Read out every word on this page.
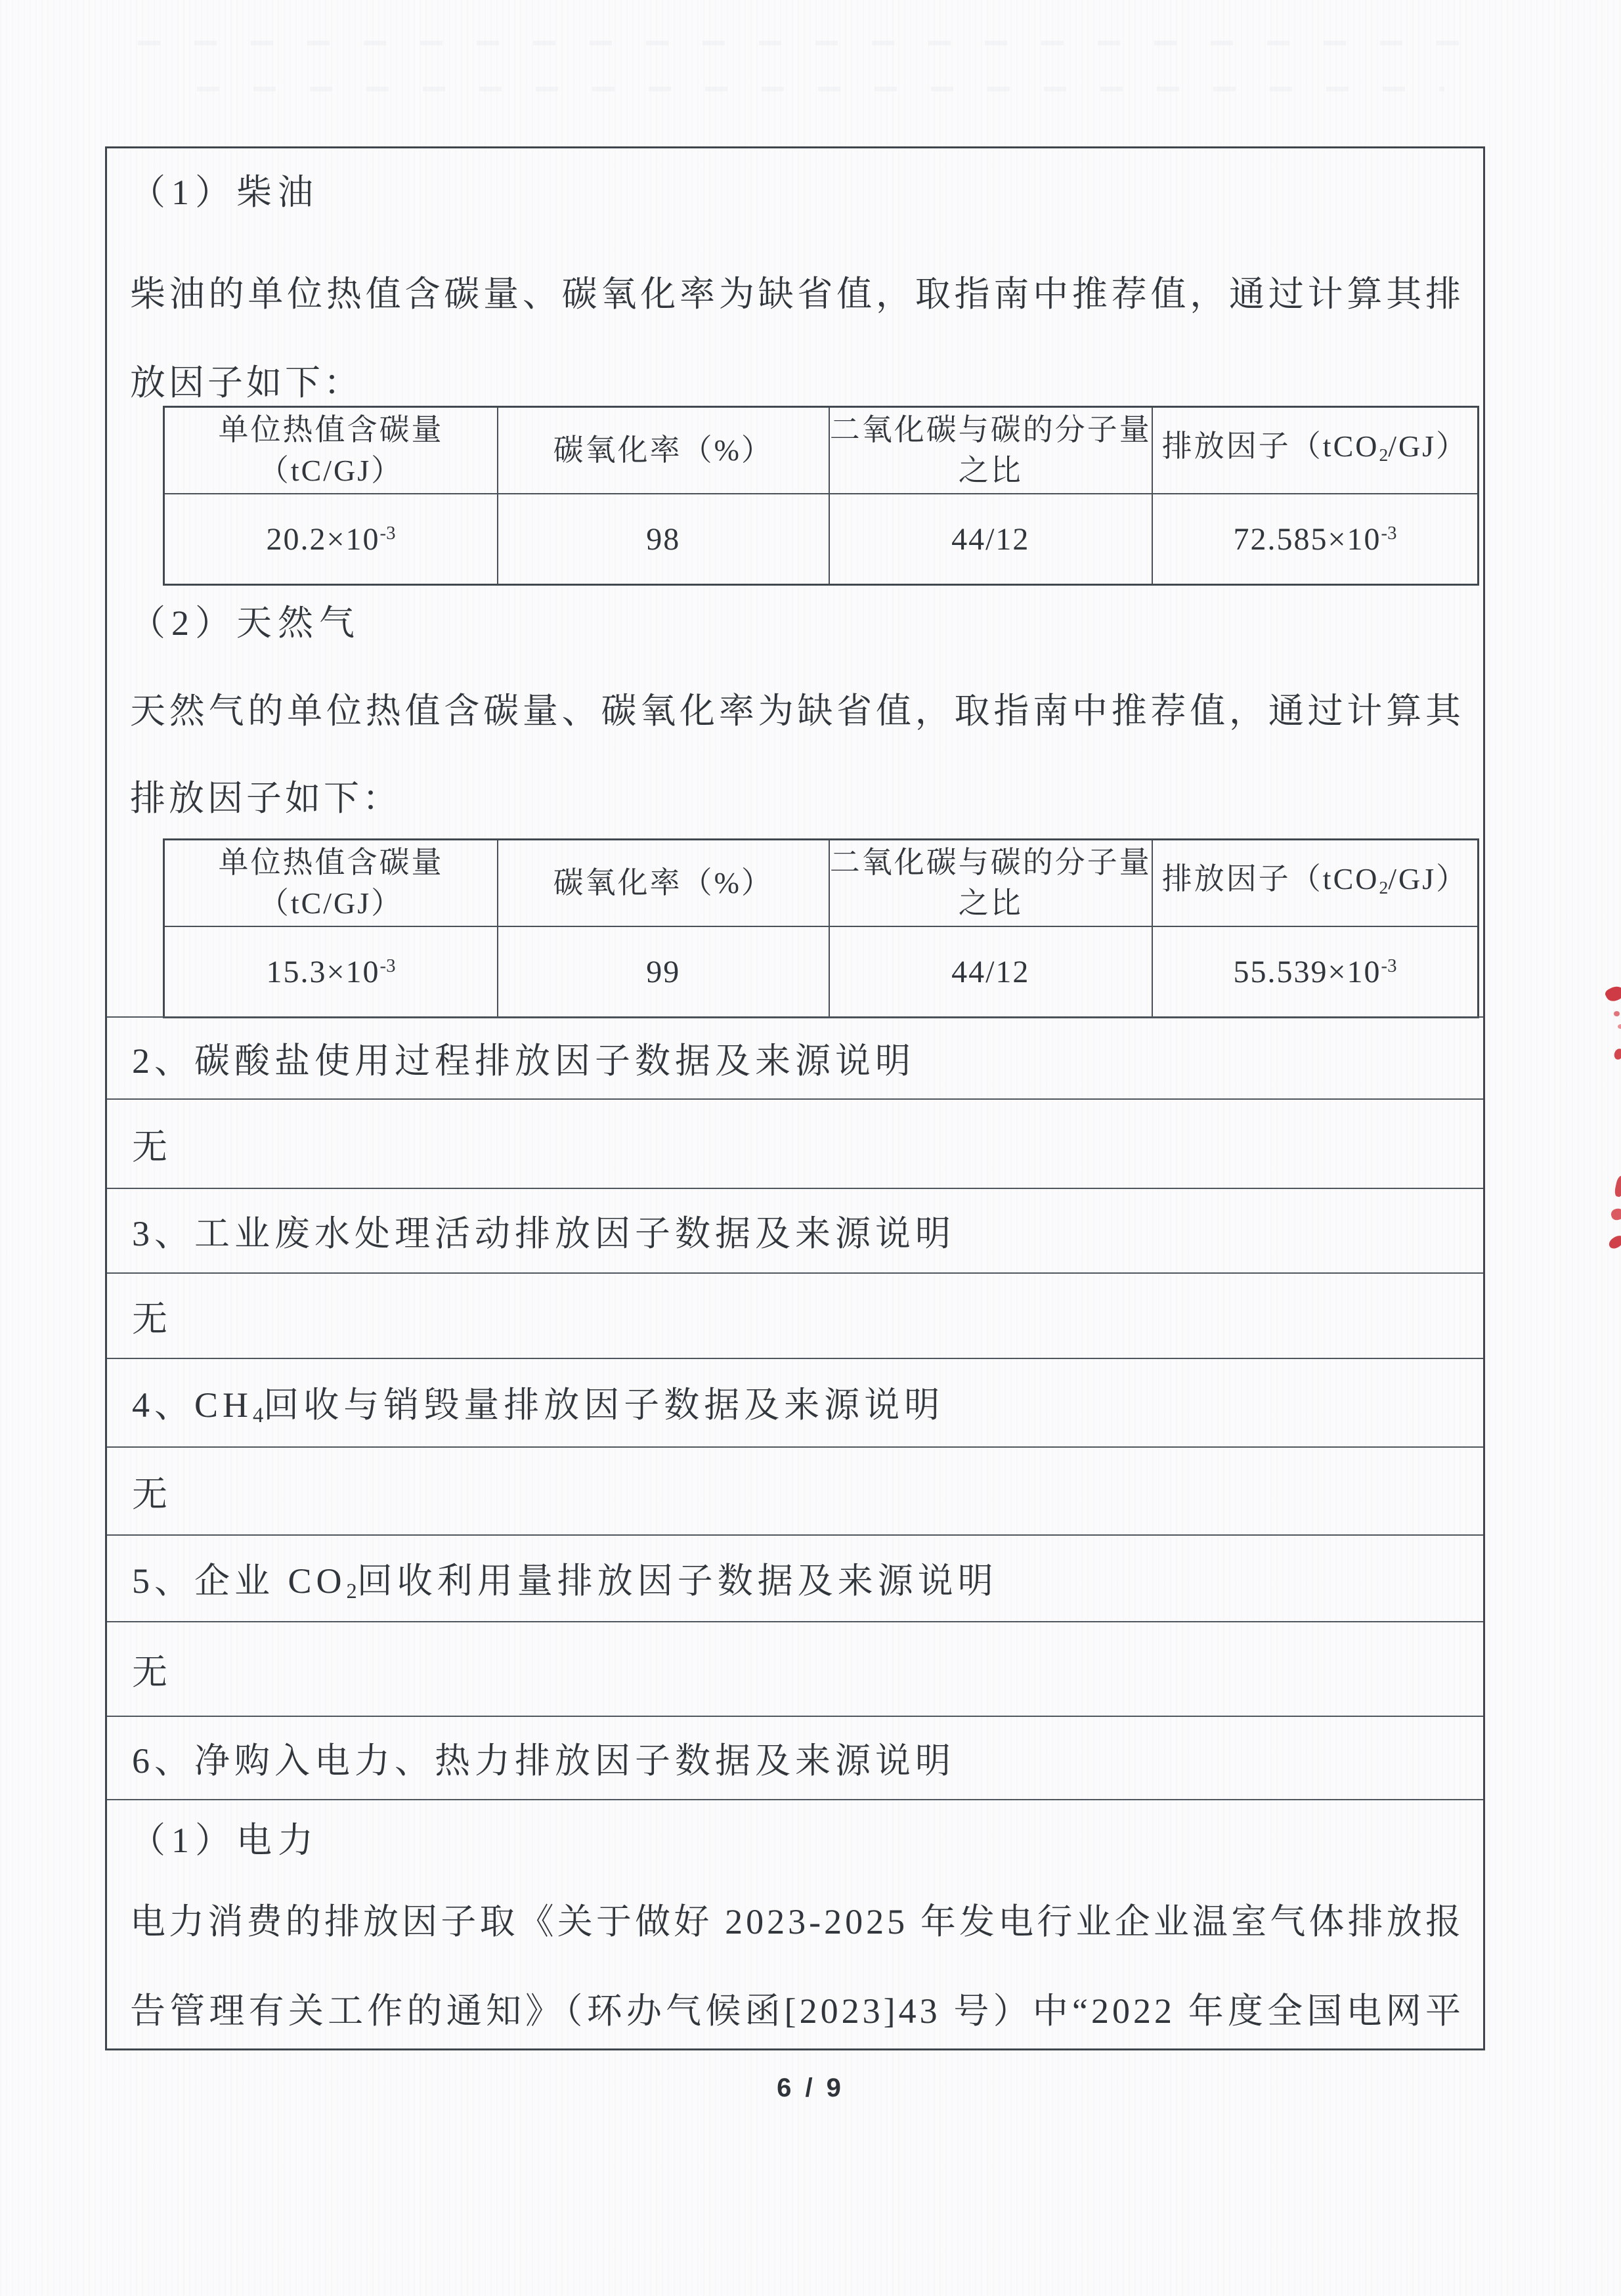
（1）柴油
柴油的单位热值含碳量、碳氧化率为缺省值，取指南中推荐值，通过计算其排
放因子如下：
单位热值含碳量
（tC/GJ）
	碳氧化率（%）	
二氧化碳与碳的分子量
之比
	排放因子（tCO2/GJ）
$20.2\times 10^{-3}$	98	44/12	$72.585\times 10^{-3}$
（2）天然气
天然气的单位热值含碳量、碳氧化率为缺省值，取指南中推荐值，通过计算其
排放因子如下：
单位热值含碳量
（tC/GJ）
	碳氧化率（%）	
二氧化碳与碳的分子量
之比
	排放因子（tCO2/GJ）
$15.3\times 10^{-3}$	99	44/12	$55.539\times 10^{-3}$
2、碳酸盐使用过程排放因子数据及来源说明
无
3、工业废水处理活动排放因子数据及来源说明
无
4、CH4回收与销毁量排放因子数据及来源说明
无
5、企业 CO2回收利用量排放因子数据及来源说明
无
6、净购入电力、热力排放因子数据及来源说明
（1）电力
电力消费的排放因子取《关于做好 2023-2025 年发电行业企业温室气体排放报
告管理有关工作的通知》（环办气候函[2023]43 号）中“2022 年度全国电网平
6 / 9
